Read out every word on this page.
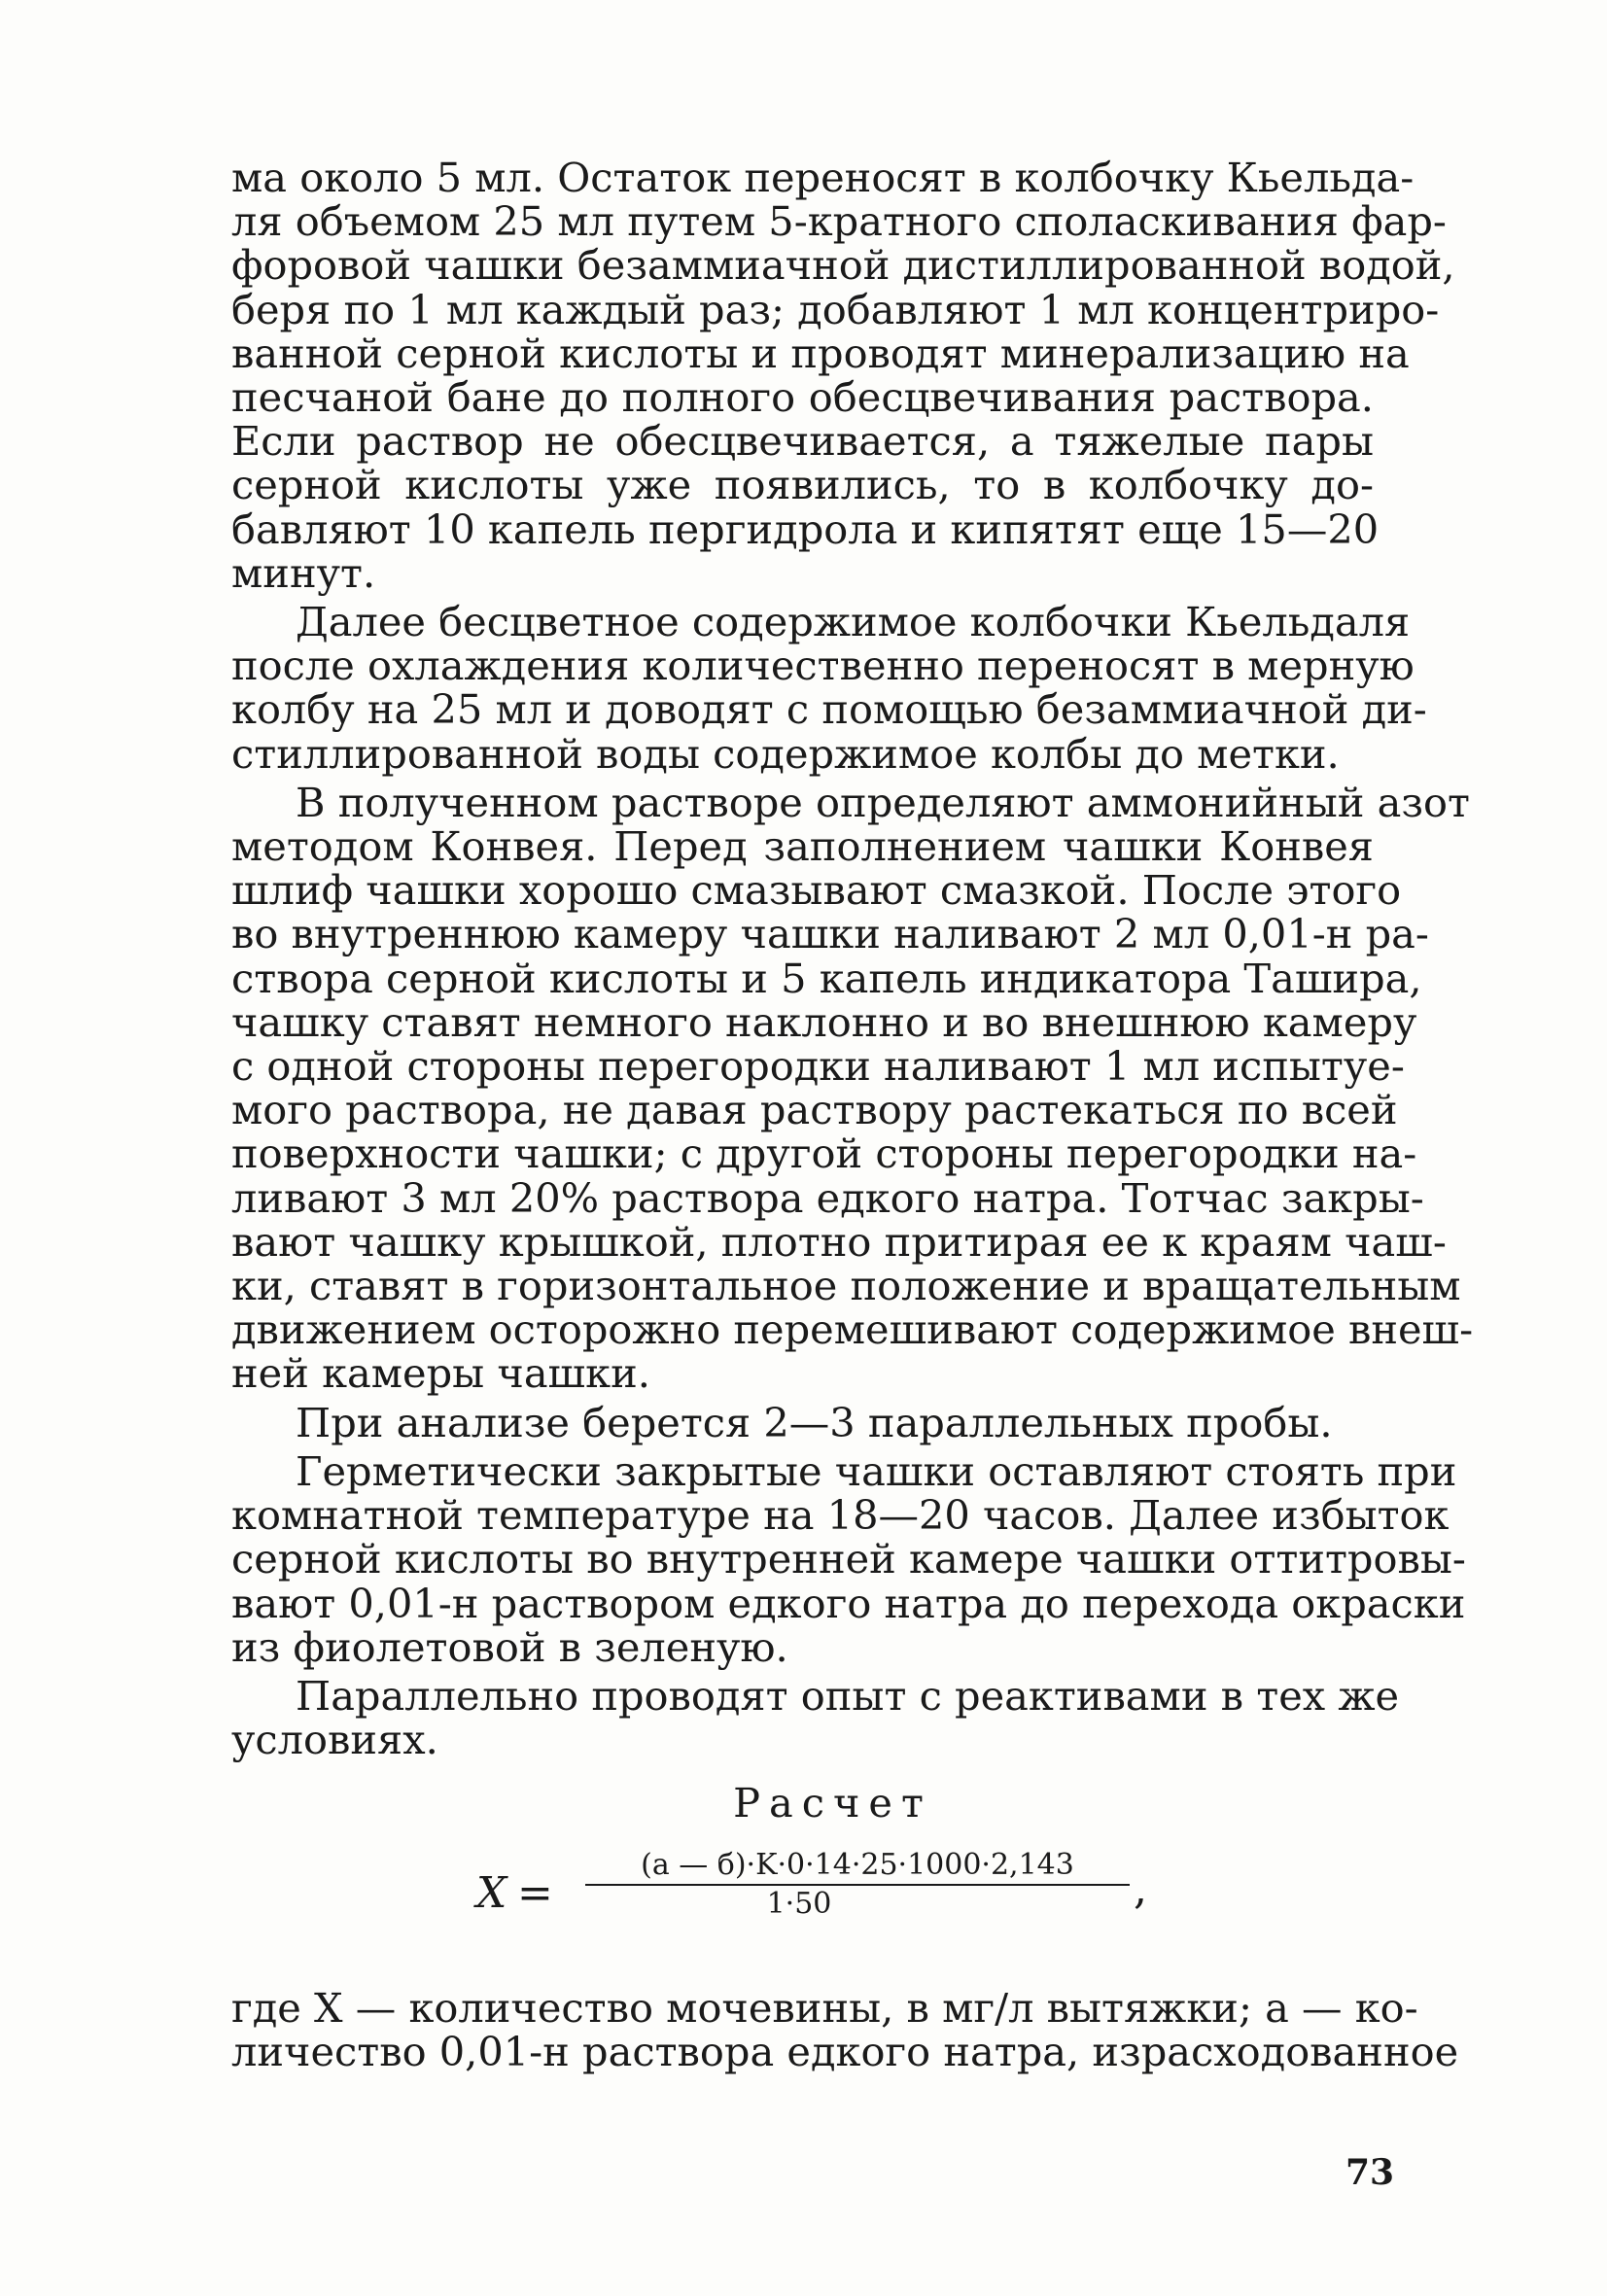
ма около 5 мл. Остаток переносят в колбочку Кьельда-
ля объемом 25 мл путем 5-кратного споласкивания фар-
форовой чашки безаммиачной дистиллированной водой,
беря по 1 мл каждый раз; добавляют 1 мл концентриро-
ванной серной кислоты и проводят минерализацию на
песчаной бане до полного обесцвечивания раствора.
Если раствор не обесцвечивается, а тяжелые пары
серной кислоты уже появились, то в колбочку до-
бавляют 10 капель пергидрола и кипятят еще 15—20
минут.
Далее бесцветное содержимое колбочки Кьельдаля
после охлаждения количественно переносят в мерную
колбу на 25 мл и доводят с помощью безаммиачной ди-
стиллированной воды содержимое колбы до метки.
В полученном растворе определяют аммонийный азот
методом Конвея. Перед заполнением чашки Конвея
шлиф чашки хорошо смазывают смазкой. После этого
во внутреннюю камеру чашки наливают 2 мл 0,01-н ра-
створа серной кислоты и 5 капель индикатора Ташира,
чашку ставят немного наклонно и во внешнюю камеру
с одной стороны перегородки наливают 1 мл испытуе-
мого раствора, не давая раствору растекаться по всей
поверхности чашки; с другой стороны перегородки на-
ливают 3 мл 20% раствора едкого натра. Тотчас закры-
вают чашку крышкой, плотно притирая ее к краям чаш-
ки, ставят в горизонтальное положение и вращательным
движением осторожно перемешивают содержимое внеш-
ней камеры чашки.
При анализе берется 2—3 параллельных пробы.
Герметически закрытые чашки оставляют стоять при
комнатной температуре на 18—20 часов. Далее избыток
серной кислоты во внутренней камере чашки оттитровы-
вают 0,01-н раствором едкого натра до перехода окраски
из фиолетовой в зеленую.
Параллельно проводят опыт с реактивами в тех же
условиях.
Расчет
X =
(а — б)·K·0·14·25·1000·2,143
1·50	,
где X — количество мочевины, в мг/л вытяжки; а — ко-
личество 0,01-н раствора едкого натра, израсходованное
73
